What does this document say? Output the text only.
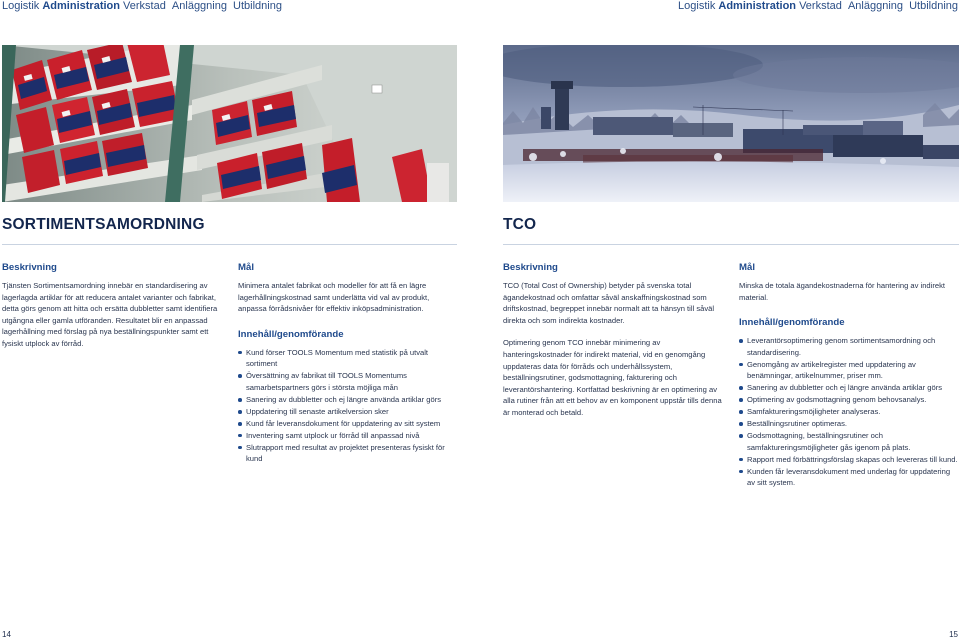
Logistik Administration Verkstad Anläggning Utbildning	Logistik Administration Verkstad Anläggning Utbildning
SORTIMENTSAMORDNING	TCO
Beskrivning

Tjänsten Sortimentsamordning innebär en standardisering av lagerlagda artiklar för att reducera antalet varianter och fabrikat, detta görs genom att hitta och ersätta dubbletter samt identifiera utgångna eller gamla utföranden. Resultatet blir en anpassad lagerhållning med förslag på nya beställningspunkter samt ett fysiskt utplock av förråd.

Mål

Minimera antalet fabrikat och modeller för att få en lägre lagerhållningskostnad samt underlätta vid val av produkt, anpassa förrådsnivåer för effektiv inköpsadministration.

Innehåll/genomförande
Kund förser TOOLS Momentum med statistik på utvalt sortiment
Översättning av fabrikat till TOOLS Momentums samarbetspartners görs i största möjliga mån
Sanering av dubbletter och ej längre använda artiklar görs
Uppdatering till senaste artikelversion sker
Kund får leveransdokument för uppdatering av sitt system
Inventering samt utplock ur förråd till anpassad nivå
Slutrapport med resultat av projektet presenteras fysiskt för kund
Beskrivning

TCO (Total Cost of Ownership) betyder på svenska total ägandekostnad och omfattar såväl anskaffningskostnad som driftskostnad, begreppet innebär normalt att ta hänsyn till såväl direkta och som indirekta kostnader.

Optimering genom TCO innebär minimering av hanteringskostnader för indirekt material, vid en genomgång uppdateras data för förråds och underhållssystem, beställningsrutiner, godsmottagning, fakturering och leverantörshantering. Kortfattad beskrivning är en optimering av alla rutiner från att ett behov av en komponent uppstår tills denna är monterad och betald.

Mål

Minska de totala ägandekostnaderna för hantering av indirekt material.

Innehåll/genomförande
Leverantörsoptimering genom sortimentsamordning och standardisering.
Genomgång av artikelregister med uppdatering av benämningar, artikelnummer, priser mm.
Sanering av dubbletter och ej längre använda artiklar görs
Optimering av godsmottagning genom behovsanalys.
Samfaktureringsmöjligheter analyseras.
Beställningsrutiner optimeras.
Godsmottagning, beställningsrutiner och samfaktureringsmöjligheter gås igenom på plats.
Rapport med förbättringsförslag skapas och levereras till kund.
Kunden får leveransdokument med underlag för uppdatering av sitt system.
14	15
